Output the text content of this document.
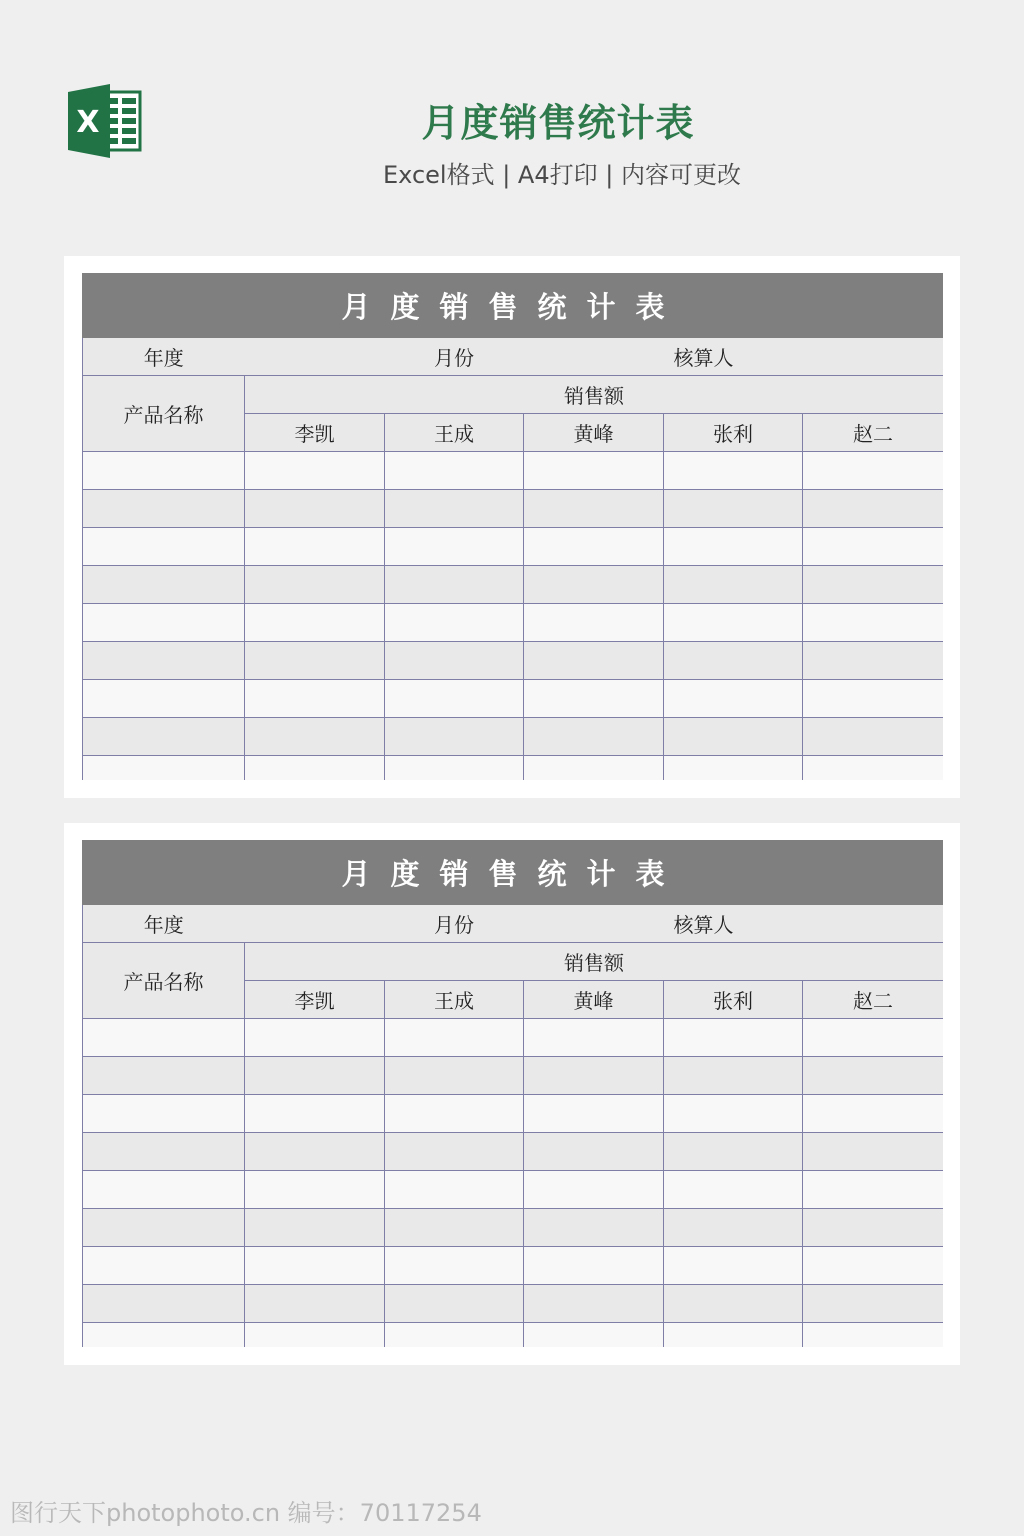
X	月度销售统计表
Excel格式 | A4打印 | 内容可更改
月度销售统计表					
年度	月份			核算人	
产品名称	销售额				
	李凯	王成	黄峰	张利	赵二

月度销售统计表					
年度	月份			核算人	
产品名称	销售额				
	李凯	王成	黄峰	张利	赵二

图行天下photophoto.cn 编号：70117254
